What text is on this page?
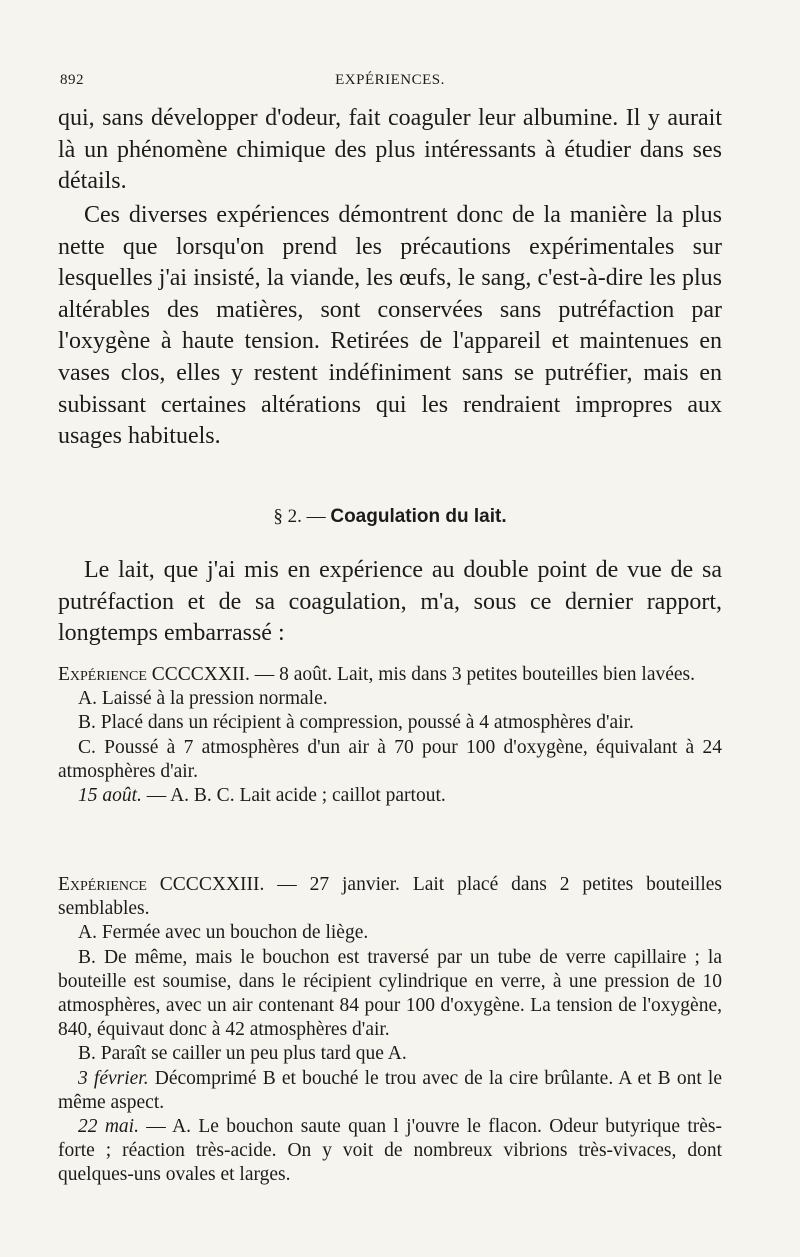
892	EXPÉRIENCES.

qui, sans développer d'odeur, fait coaguler leur albumine. Il y aurait là un phénomène chimique des plus intéressants à étudier dans ses détails.

Ces diverses expériences démontrent donc de la manière la plus nette que lorsqu'on prend les précautions expérimentales sur lesquelles j'ai insisté, la viande, les œufs, le sang, c'est-à-dire les plus altérables des matières, sont conservées sans putréfaction par l'oxygène à haute tension. Retirées de l'appareil et maintenues en vases clos, elles y restent indéfiniment sans se putréfier, mais en subissant certaines altérations qui les rendraient impropres aux usages habituels.

§ 2. — Coagulation du lait.

Le lait, que j'ai mis en expérience au double point de vue de sa putréfaction et de sa coagulation, m'a, sous ce dernier rapport, longtemps embarrassé :

Expérience CCCCXXII. — 8 août. Lait, mis dans 3 petites bouteilles bien lavées.

A. Laissé à la pression normale.

B. Placé dans un récipient à compression, poussé à 4 atmosphères d'air.

C. Poussé à 7 atmosphères d'un air à 70 pour 100 d'oxygène, équivalant à 24 atmosphères d'air.

15 août. — A. B. C. Lait acide ; caillot partout.

Expérience CCCCXXIII. — 27 janvier. Lait placé dans 2 petites bouteilles semblables.

A. Fermée avec un bouchon de liège.

B. De même, mais le bouchon est traversé par un tube de verre capillaire ; la bouteille est soumise, dans le récipient cylindrique en verre, à une pression de 10 atmosphères, avec un air contenant 84 pour 100 d'oxygène. La tension de l'oxygène, 840, équivaut donc à 42 atmosphères d'air.

B. Paraît se cailler un peu plus tard que A.

3 février. Décomprimé B et bouché le trou avec de la cire brûlante. A et B ont le même aspect.

22 mai. — A. Le bouchon saute quan l j'ouvre le flacon. Odeur butyrique très-forte ; réaction très-acide. On y voit de nombreux vibrions très-vivaces, dont quelques-uns ovales et larges.
